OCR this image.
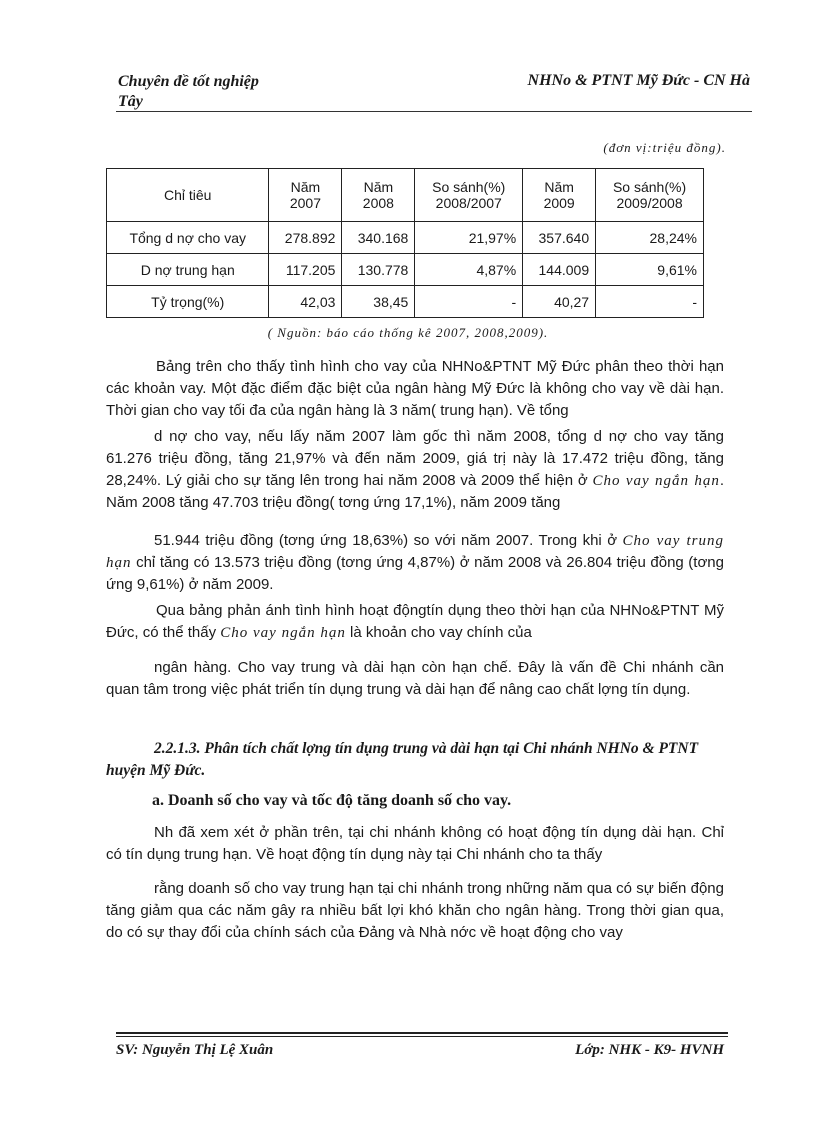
Chuyên đề tốt nghiệp
Tây
NHNo & PTNT Mỹ Đức - CN Hà
(đơn vị:triệu đồng).
Chỉ tiêu	Năm 2007	Năm 2008	So sánh(%) 2008/2007	Năm 2009	So sánh(%) 2009/2008
Tổng d nợ cho vay	278.892	340.168	21,97%	357.640	28,24%
D nợ trung hạn	117.205	130.778	4,87%	144.009	9,61%
Tỷ trọng(%)	42,03	38,45	-	40,27	-
( Nguồn: báo cáo thống kê 2007, 2008,2009).

Bảng trên cho thấy tình hình cho vay của NHNo&PTNT Mỹ Đức phân theo thời hạn các khoản vay. Một đặc điểm đặc biệt của ngân hàng Mỹ Đức là không cho vay về dài hạn. Thời gian cho vay tối đa của ngân hàng là 3 năm( trung hạn). Về tổng

d nợ cho vay, nếu lấy năm 2007 làm gốc thì năm 2008, tổng d nợ cho vay tăng 61.276 triệu đồng, tăng 21,97% và đến năm 2009, giá trị này là 17.472 triệu đồng, tăng 28,24%. Lý giải cho sự tăng lên trong hai năm 2008 và 2009 thể hiện ở Cho vay ngắn hạn. Năm 2008 tăng 47.703 triệu đồng( tơng ứng 17,1%), năm 2009 tăng

51.944 triệu đồng (tơng ứng 18,63%) so với năm 2007. Trong khi ở Cho vay trung hạn chỉ tăng có 13.573 triệu đồng (tơng ứng 4,87%) ở năm 2008 và 26.804 triệu đồng (tơng ứng 9,61%) ở năm 2009.

Qua bảng phản ánh tình hình hoạt độngtín dụng theo thời hạn của NHNo&PTNT Mỹ Đức, có thể thấy Cho vay ngắn hạn là khoản cho vay chính của

ngân hàng. Cho vay trung và dài hạn còn hạn chế. Đây là vấn đề Chi nhánh cần quan tâm trong việc phát triển tín dụng trung và dài hạn để nâng cao chất lợng tín dụng.

2.2.1.3. Phân tích chất lợng tín dụng trung và dài hạn tại Chi nhánh NHNo & PTNT huyện Mỹ Đức.
a. Doanh số cho vay và tốc độ tăng doanh số cho vay.

Nh đã xem xét ở phần trên, tại chi nhánh không có hoạt động tín dụng dài hạn. Chỉ có tín dụng trung hạn. Về hoạt động tín dụng này tại Chi nhánh cho ta thấy

rằng doanh số cho vay trung hạn tại chi nhánh trong những năm qua có sự biến động tăng giảm qua các năm gây ra nhiều bất lợi khó khăn cho ngân hàng. Trong thời gian qua, do có sự thay đổi của chính sách của Đảng và Nhà nớc về hoạt động cho vay

SV: Nguyễn Thị Lệ Xuân	Lớp: NHK - K9- HVNH
